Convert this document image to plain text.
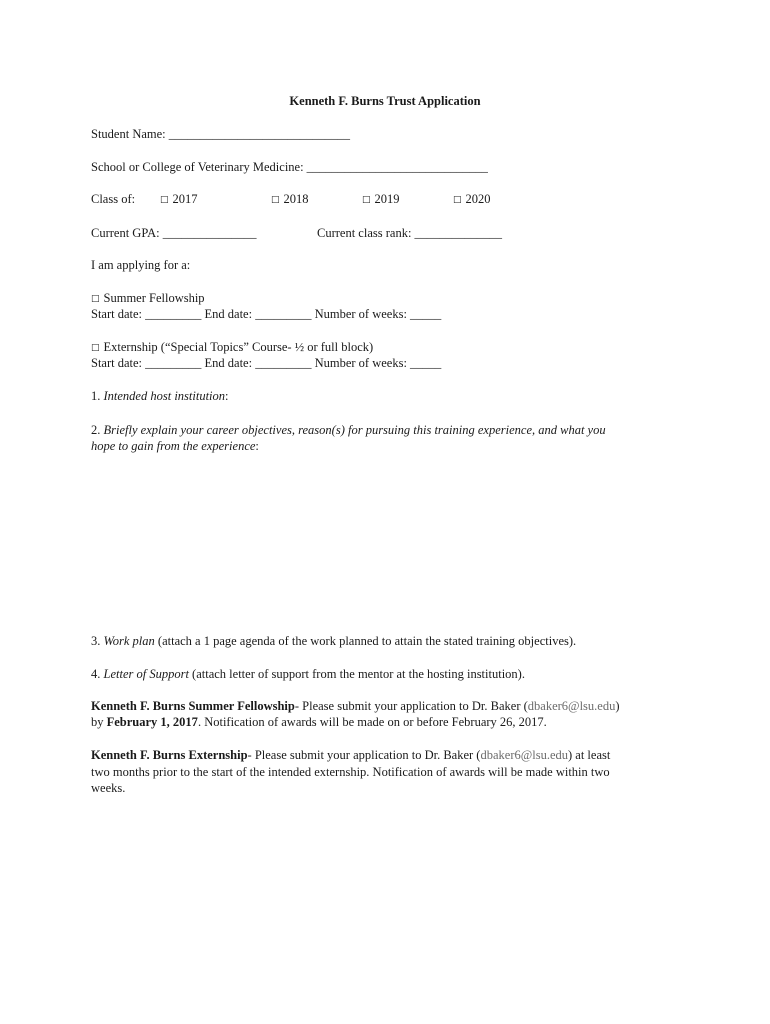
Kenneth F. Burns Trust Application
Student Name: _____________________________
School or College of Veterinary Medicine: _____________________________
Class of:	□ 2017	□ 2018	□ 2019	□ 2020
Current GPA: _______________	Current class rank: ______________
I am applying for a:
□ Summer Fellowship
Start date: _________ End date: _________ Number of weeks: _____
□ Externship (“Special Topics” Course- ½ or full block)
Start date: _________ End date: _________ Number of weeks: _____
1. Intended host institution:
2. Briefly explain your career objectives, reason(s) for pursuing this training experience, and what you
hope to gain from the experience:
3. Work plan (attach a 1 page agenda of the work planned to attain the stated training objectives).
4. Letter of Support (attach letter of support from the mentor at the hosting institution).
Kenneth F. Burns Summer Fellowship- Please submit your application to Dr. Baker (dbaker6@lsu.edu)
by February 1, 2017. Notification of awards will be made on or before February 26, 2017.
Kenneth F. Burns Externship- Please submit your application to Dr. Baker (dbaker6@lsu.edu) at least
two months prior to the start of the intended externship. Notification of awards will be made within two
weeks.
